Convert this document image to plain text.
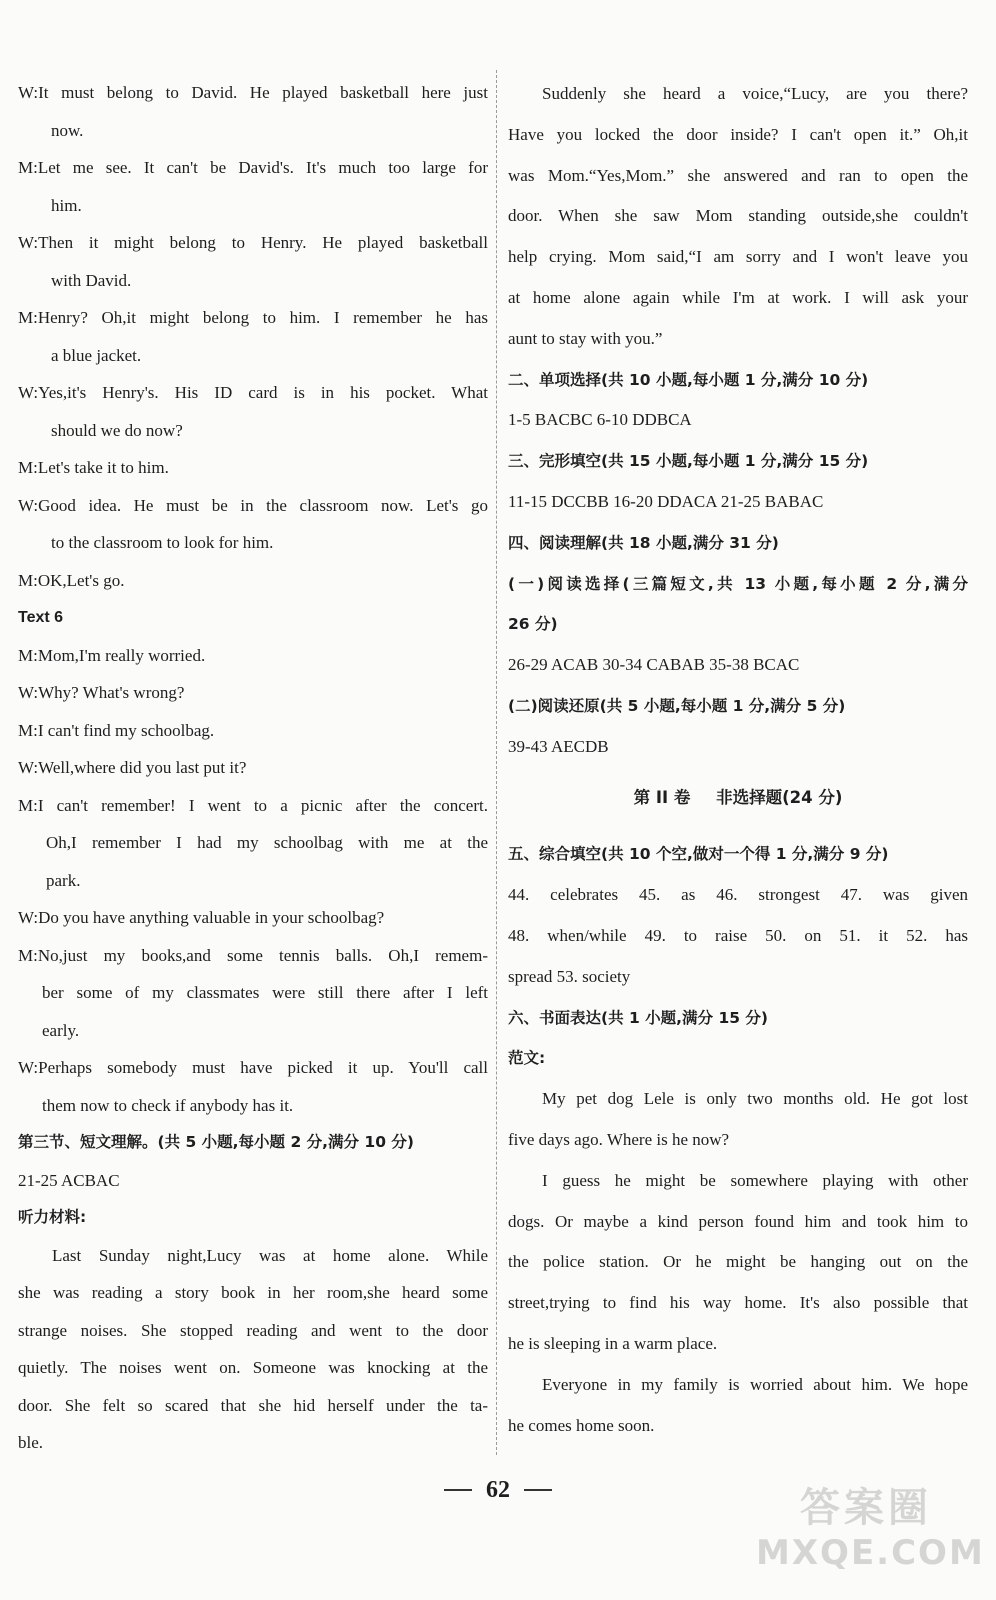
W:It must belong to David. He played basketball here just
now.
M:Let me see. It can't be David's. It's much too large for
him.
W:Then it might belong to Henry. He played basketball
with David.
M:Henry? Oh,it might belong to him. I remember he has
a blue jacket.
W:Yes,it's Henry's. His ID card is in his pocket. What
should we do now?
M:Let's take it to him.
W:Good idea. He must be in the classroom now. Let's go
to the classroom to look for him.
M:OK,Let's go.
Text 6
M:Mom,I'm really worried.
W:Why? What's wrong?
M:I can't find my schoolbag.
W:Well,where did you last put it?
M:I can't remember! I went to a picnic after the concert.
Oh,I remember I had my schoolbag with me at the
park.
W:Do you have anything valuable in your schoolbag?
M:No,just my books,and some tennis balls. Oh,I remem-
ber some of my classmates were still there after I left
early.
W:Perhaps somebody must have picked it up. You'll call
them now to check if anybody has it.
第三节、短文理解。(共 5 小题,每小题 2 分,满分 10 分)
21-25 ACBAC
听力材料:
Last Sunday night,Lucy was at home alone. While
she was reading a story book in her room,she heard some
strange noises. She stopped reading and went to the door
quietly. The noises went on. Someone was knocking at the
door. She felt so scared that she hid herself under the ta-
ble.
Suddenly she heard a voice,“Lucy, are you there?
Have you locked the door inside? I can't open it.” Oh,it
was Mom.“Yes,Mom.” she answered and ran to open the
door. When she saw Mom standing outside,she couldn't
help crying. Mom said,“I am sorry and I won't leave you
at home alone again while I'm at work. I will ask your
aunt to stay with you.”
二、单项选择(共 10 小题,每小题 1 分,满分 10 分)
1-5 BACBC 6-10 DDBCA
三、完形填空(共 15 小题,每小题 1 分,满分 15 分)
11-15 DCCBB 16-20 DDACA 21-25 BABAC
四、阅读理解(共 18 小题,满分 31 分)
(一)阅读选择(三篇短文,共 13 小题,每小题 2 分,满分
26 分)
26-29 ACAB 30-34 CABAB 35-38 BCAC
(二)阅读还原(共 5 小题,每小题 1 分,满分 5 分)
39-43 AECDB
第 II 卷 非选择题(24 分)
五、综合填空(共 10 个空,做对一个得 1 分,满分 9 分)
44. celebrates 45. as 46. strongest 47. was given
48. when/while 49. to raise 50. on 51. it 52. has
spread 53. society
六、书面表达(共 1 小题,满分 15 分)
范文:
My pet dog Lele is only two months old. He got lost
five days ago. Where is he now?
I guess he might be somewhere playing with other
dogs. Or maybe a kind person found him and took him to
the police station. Or he might be hanging out on the
street,trying to find his way home. It's also possible that
he is sleeping in a warm place.
Everyone in my family is worried about him. We hope
he comes home soon.
62	答案圈
MXQE.COM
